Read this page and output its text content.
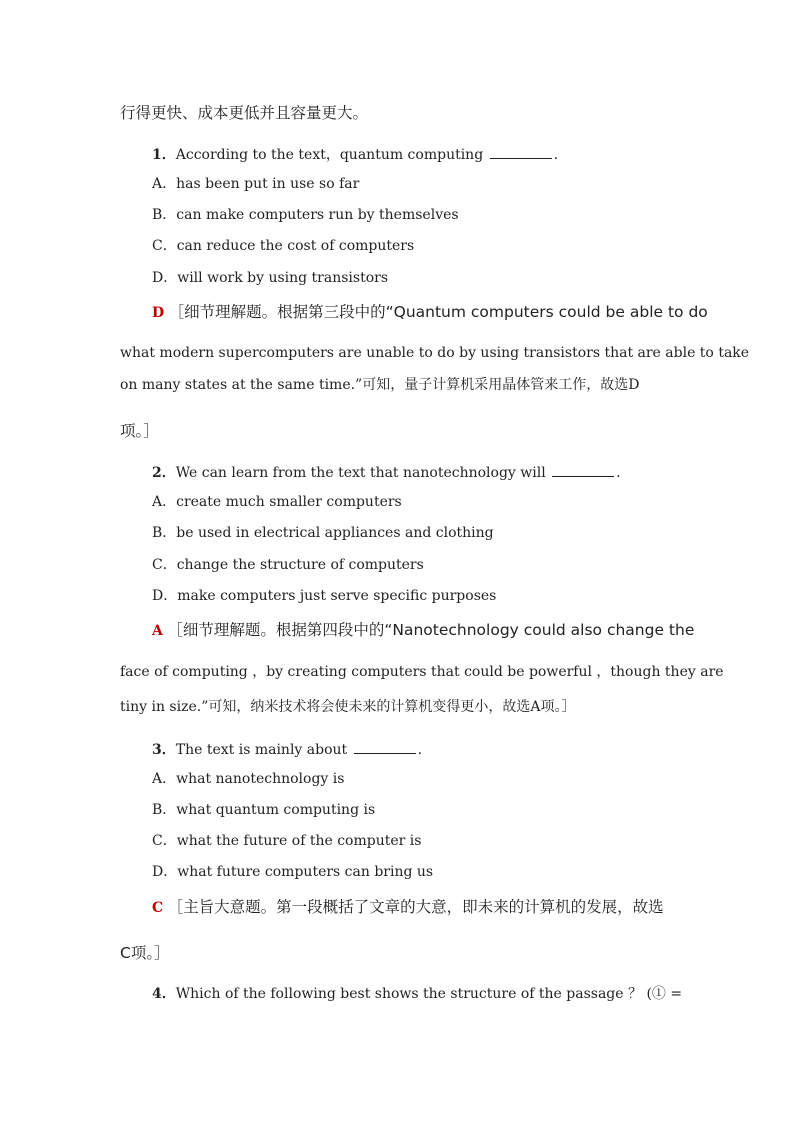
行得更快、成本更低并且容量更大。
1．According to the text，quantum computing	.
A．has been put in use so far
B．can make computers run by themselves
C．can reduce the cost of computers
D．will work by using transistors
D ［细节理解题。根据第三段中的“Quantum computers could be able to do
what modern supercomputers are unable to do by using transistors that are able to take
on many states at the same time.”可知，量子计算机采用晶体管来工作，故选D
项。］
2．We can learn from the text that nanotechnology will	.
A．create much smaller computers
B．be used in electrical appliances and clothing
C．change the structure of computers
D．make computers just serve specific purposes
A ［细节理解题。根据第四段中的“Nanotechnology could also change the
face of computing ，by creating computers that could be powerful ，though they are
tiny in size.”可知，纳米技术将会使未来的计算机变得更小，故选A项。］
3．The text is mainly about	.
A．what nanotechnology is
B．what quantum computing is
C．what the future of the computer is
D．what future computers can bring us
C ［主旨大意题。第一段概括了文章的大意，即未来的计算机的发展，故选
C项。］
4．Which of the following best shows the structure of the passage ？ (① =
